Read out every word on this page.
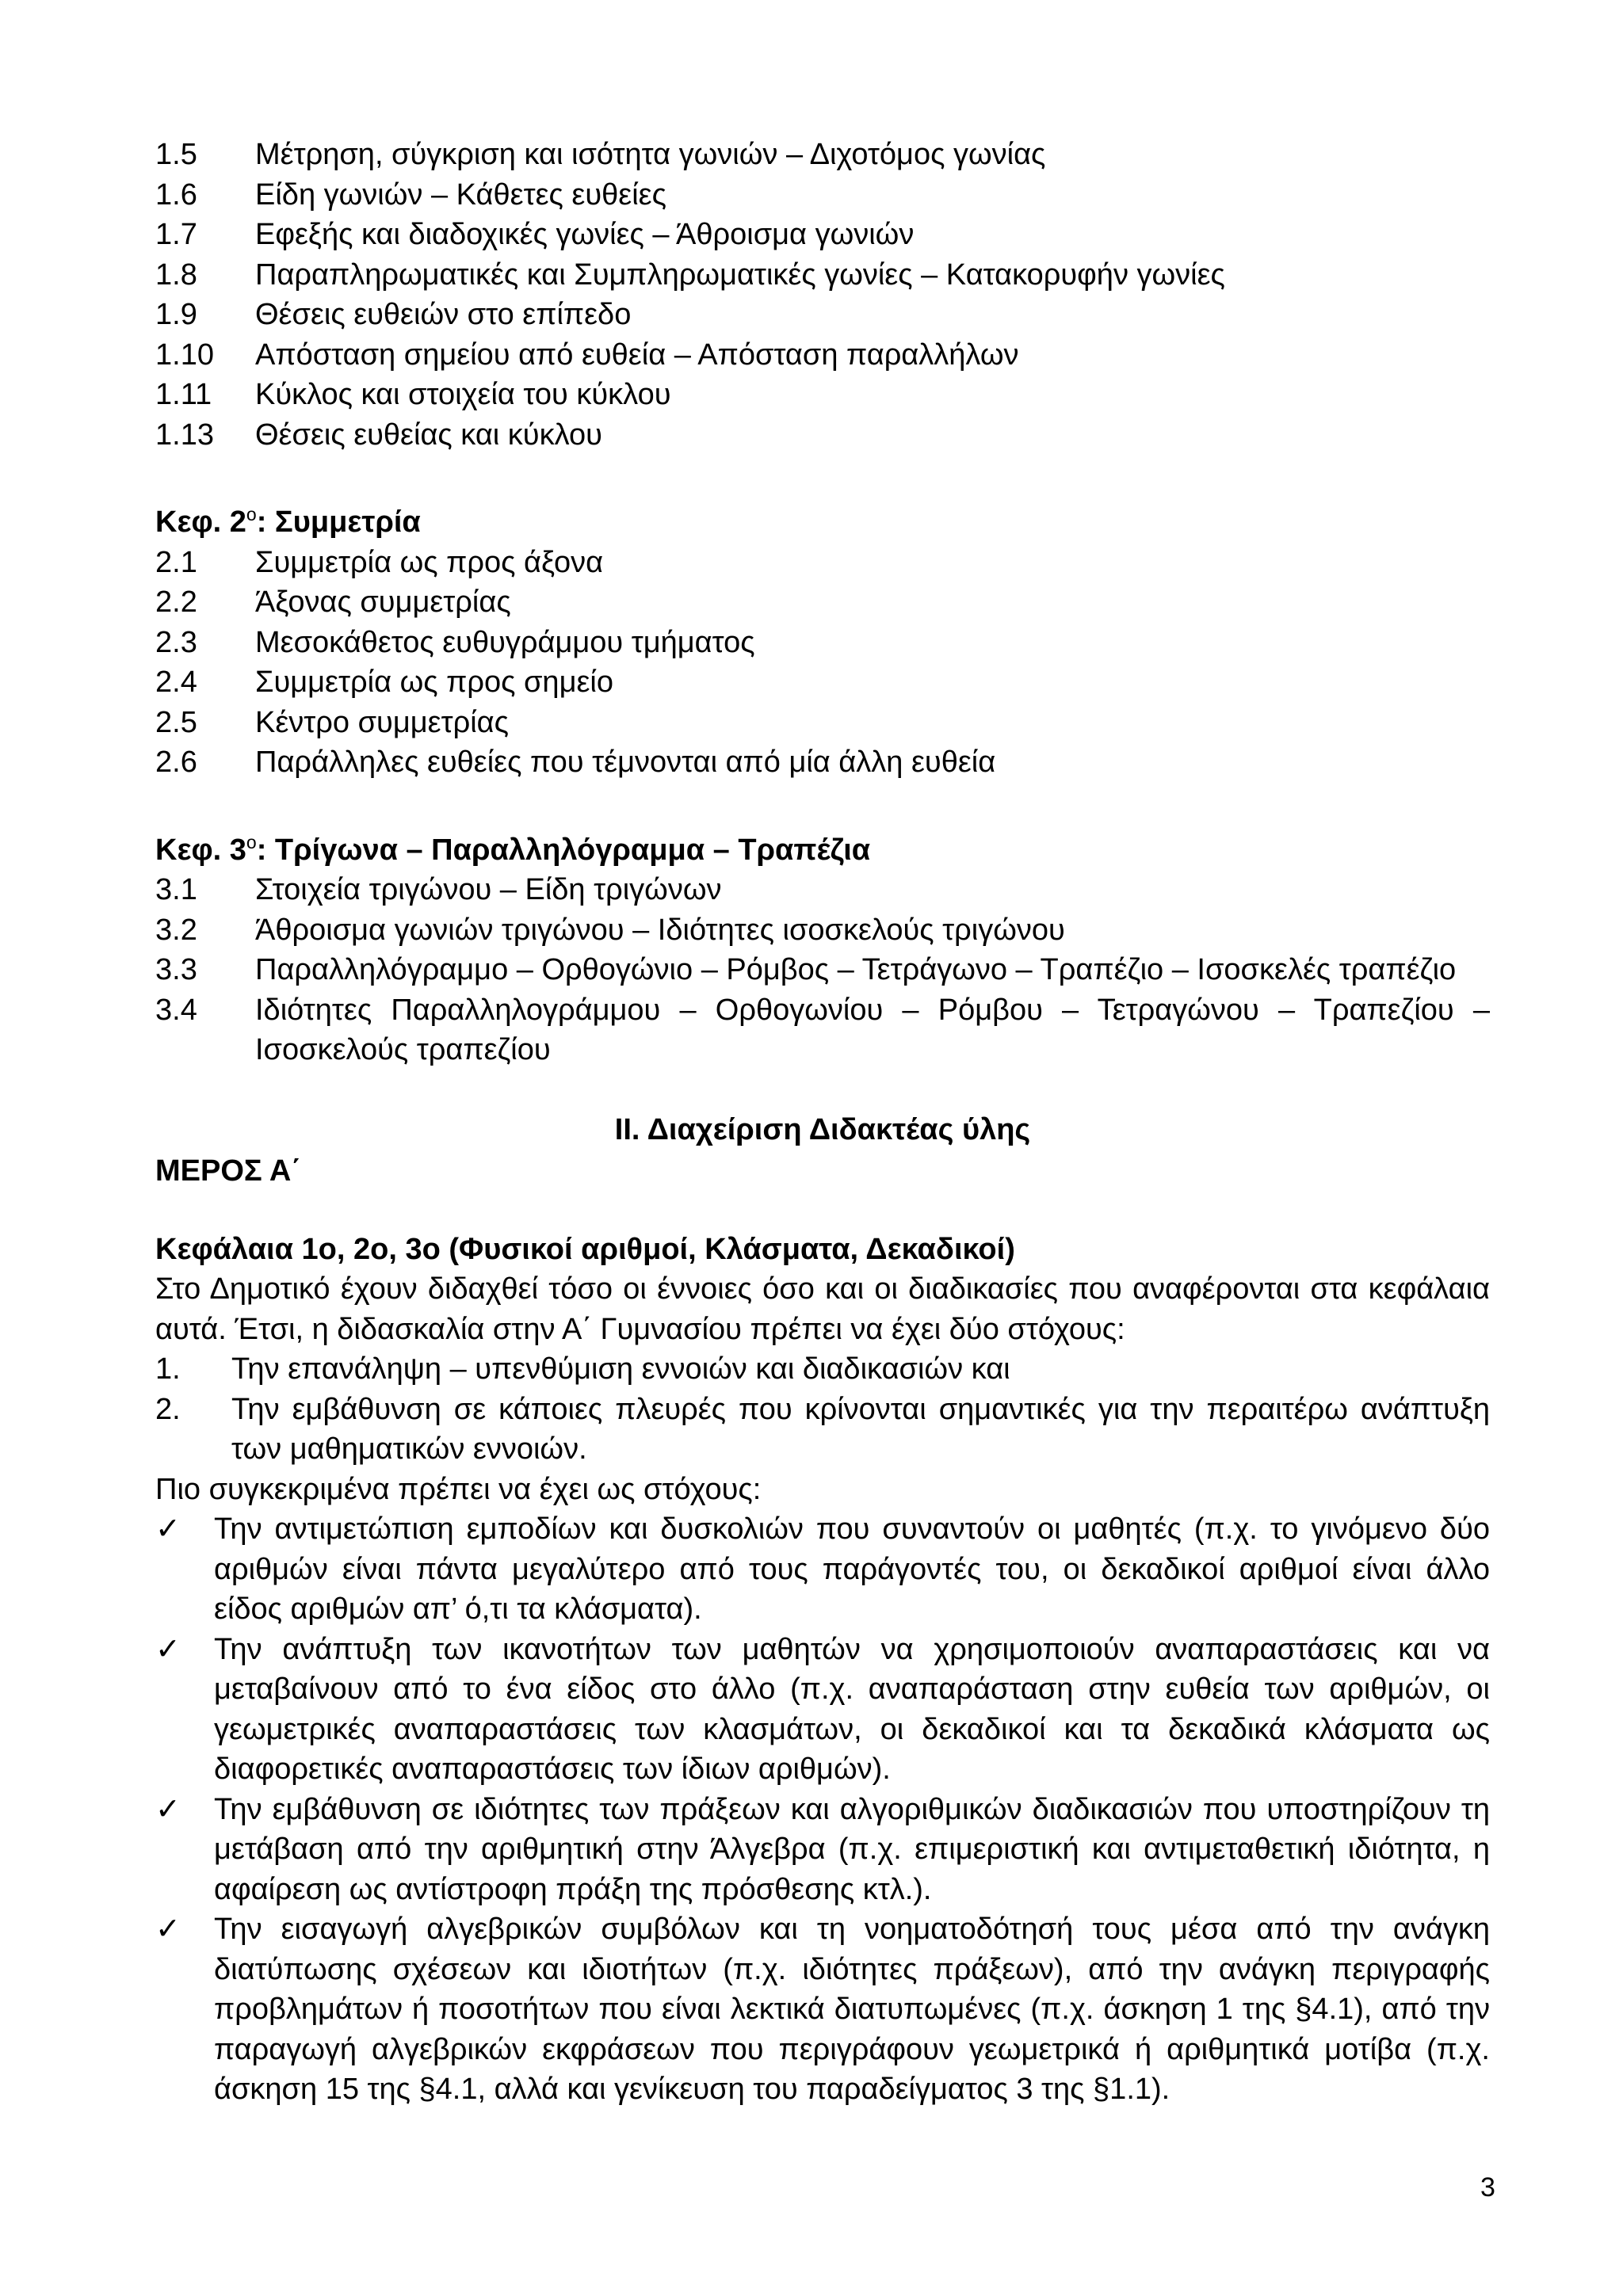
1.5	Μέτρηση, σύγκριση και ισότητα γωνιών – Διχοτόμος γωνίας
1.6	Είδη γωνιών – Κάθετες ευθείες
1.7	Εφεξής και διαδοχικές γωνίες – Άθροισμα γωνιών
1.8	Παραπληρωματικές και Συμπληρωματικές γωνίες – Κατακορυφήν γωνίες
1.9	Θέσεις ευθειών στο επίπεδο
1.10	Απόσταση σημείου από ευθεία – Απόσταση παραλλήλων
1.11	Κύκλος και στοιχεία του κύκλου
1.13	Θέσεις ευθείας και κύκλου
Κεφ. $2^o$: Συμμετρία
2.1	Συμμετρία ως προς άξονα
2.2	Άξονας συμμετρίας
2.3	Μεσοκάθετος ευθυγράμμου τμήματος
2.4	Συμμετρία ως προς σημείο
2.5	Κέντρο συμμετρίας
2.6	Παράλληλες ευθείες που τέμνονται από μία άλλη ευθεία
Κεφ. $3^o$: Τρίγωνα – Παραλληλόγραμμα – Τραπέζια
3.1	Στοιχεία τριγώνου – Είδη τριγώνων
3.2	Άθροισμα γωνιών τριγώνου – Ιδιότητες ισοσκελούς τριγώνου
3.3	Παραλληλόγραμμο – Ορθογώνιο – Ρόμβος – Τετράγωνο – Τραπέζιο – Ισοσκελές τραπέζιο
3.4	Ιδιότητες Παραλληλογράμμου – Ορθογωνίου – Ρόμβου – Τετραγώνου – Τραπεζίου –
Ισοσκελούς τραπεζίου
ΙΙ. Διαχείριση Διδακτέας ύλης
ΜΕΡΟΣ Α΄
Κεφάλαια 1ο, 2ο, 3ο (Φυσικοί αριθμοί, Κλάσματα, Δεκαδικοί)
Στο Δημοτικό έχουν διδαχθεί τόσο οι έννοιες όσο και οι διαδικασίες που αναφέρονται στα κεφάλαια αυτά. Έτσι, η διδασκαλία στην Α΄ Γυμνασίου πρέπει να έχει δύο στόχους:
1.	Την επανάληψη – υπενθύμιση εννοιών και διαδικασιών και
2.	Την εμβάθυνση σε κάποιες πλευρές που κρίνονται σημαντικές για την περαιτέρω ανάπτυξη των μαθηματικών εννοιών.
Πιο συγκεκριμένα πρέπει να έχει ως στόχους:
✓	Την αντιμετώπιση εμποδίων και δυσκολιών που συναντούν οι μαθητές (π.χ. το γινόμενο δύο αριθμών είναι πάντα μεγαλύτερο από τους παράγοντές του, οι δεκαδικοί αριθμοί είναι άλλο είδος αριθμών απ’ ό,τι τα κλάσματα).
✓	Την ανάπτυξη των ικανοτήτων των μαθητών να χρησιμοποιούν αναπαραστάσεις και να μεταβαίνουν από το ένα είδος στο άλλο (π.χ. αναπαράσταση στην ευθεία των αριθμών, οι γεωμετρικές αναπαραστάσεις των κλασμάτων, οι δεκαδικοί και τα δεκαδικά κλάσματα ως διαφορετικές αναπαραστάσεις των ίδιων αριθμών).
✓	Την εμβάθυνση σε ιδιότητες των πράξεων και αλγοριθμικών διαδικασιών που υποστηρίζουν τη μετάβαση από την αριθμητική στην Άλγεβρα (π.χ. επιμεριστική και αντιμεταθετική ιδιότητα, η αφαίρεση ως αντίστροφη πράξη της πρόσθεσης κτλ.).
✓	Την εισαγωγή αλγεβρικών συμβόλων και τη νοηματοδότησή τους μέσα από την ανάγκη διατύπωσης σχέσεων και ιδιοτήτων (π.χ. ιδιότητες πράξεων), από την ανάγκη περιγραφής προβλημάτων ή ποσοτήτων που είναι λεκτικά διατυπωμένες (π.χ. άσκηση 1 της §4.1), από την παραγωγή αλγεβρικών εκφράσεων που περιγράφουν γεωμετρικά ή αριθμητικά μοτίβα (π.χ. άσκηση 15 της §4.1, αλλά και γενίκευση του παραδείγματος 3 της §1.1).
3
